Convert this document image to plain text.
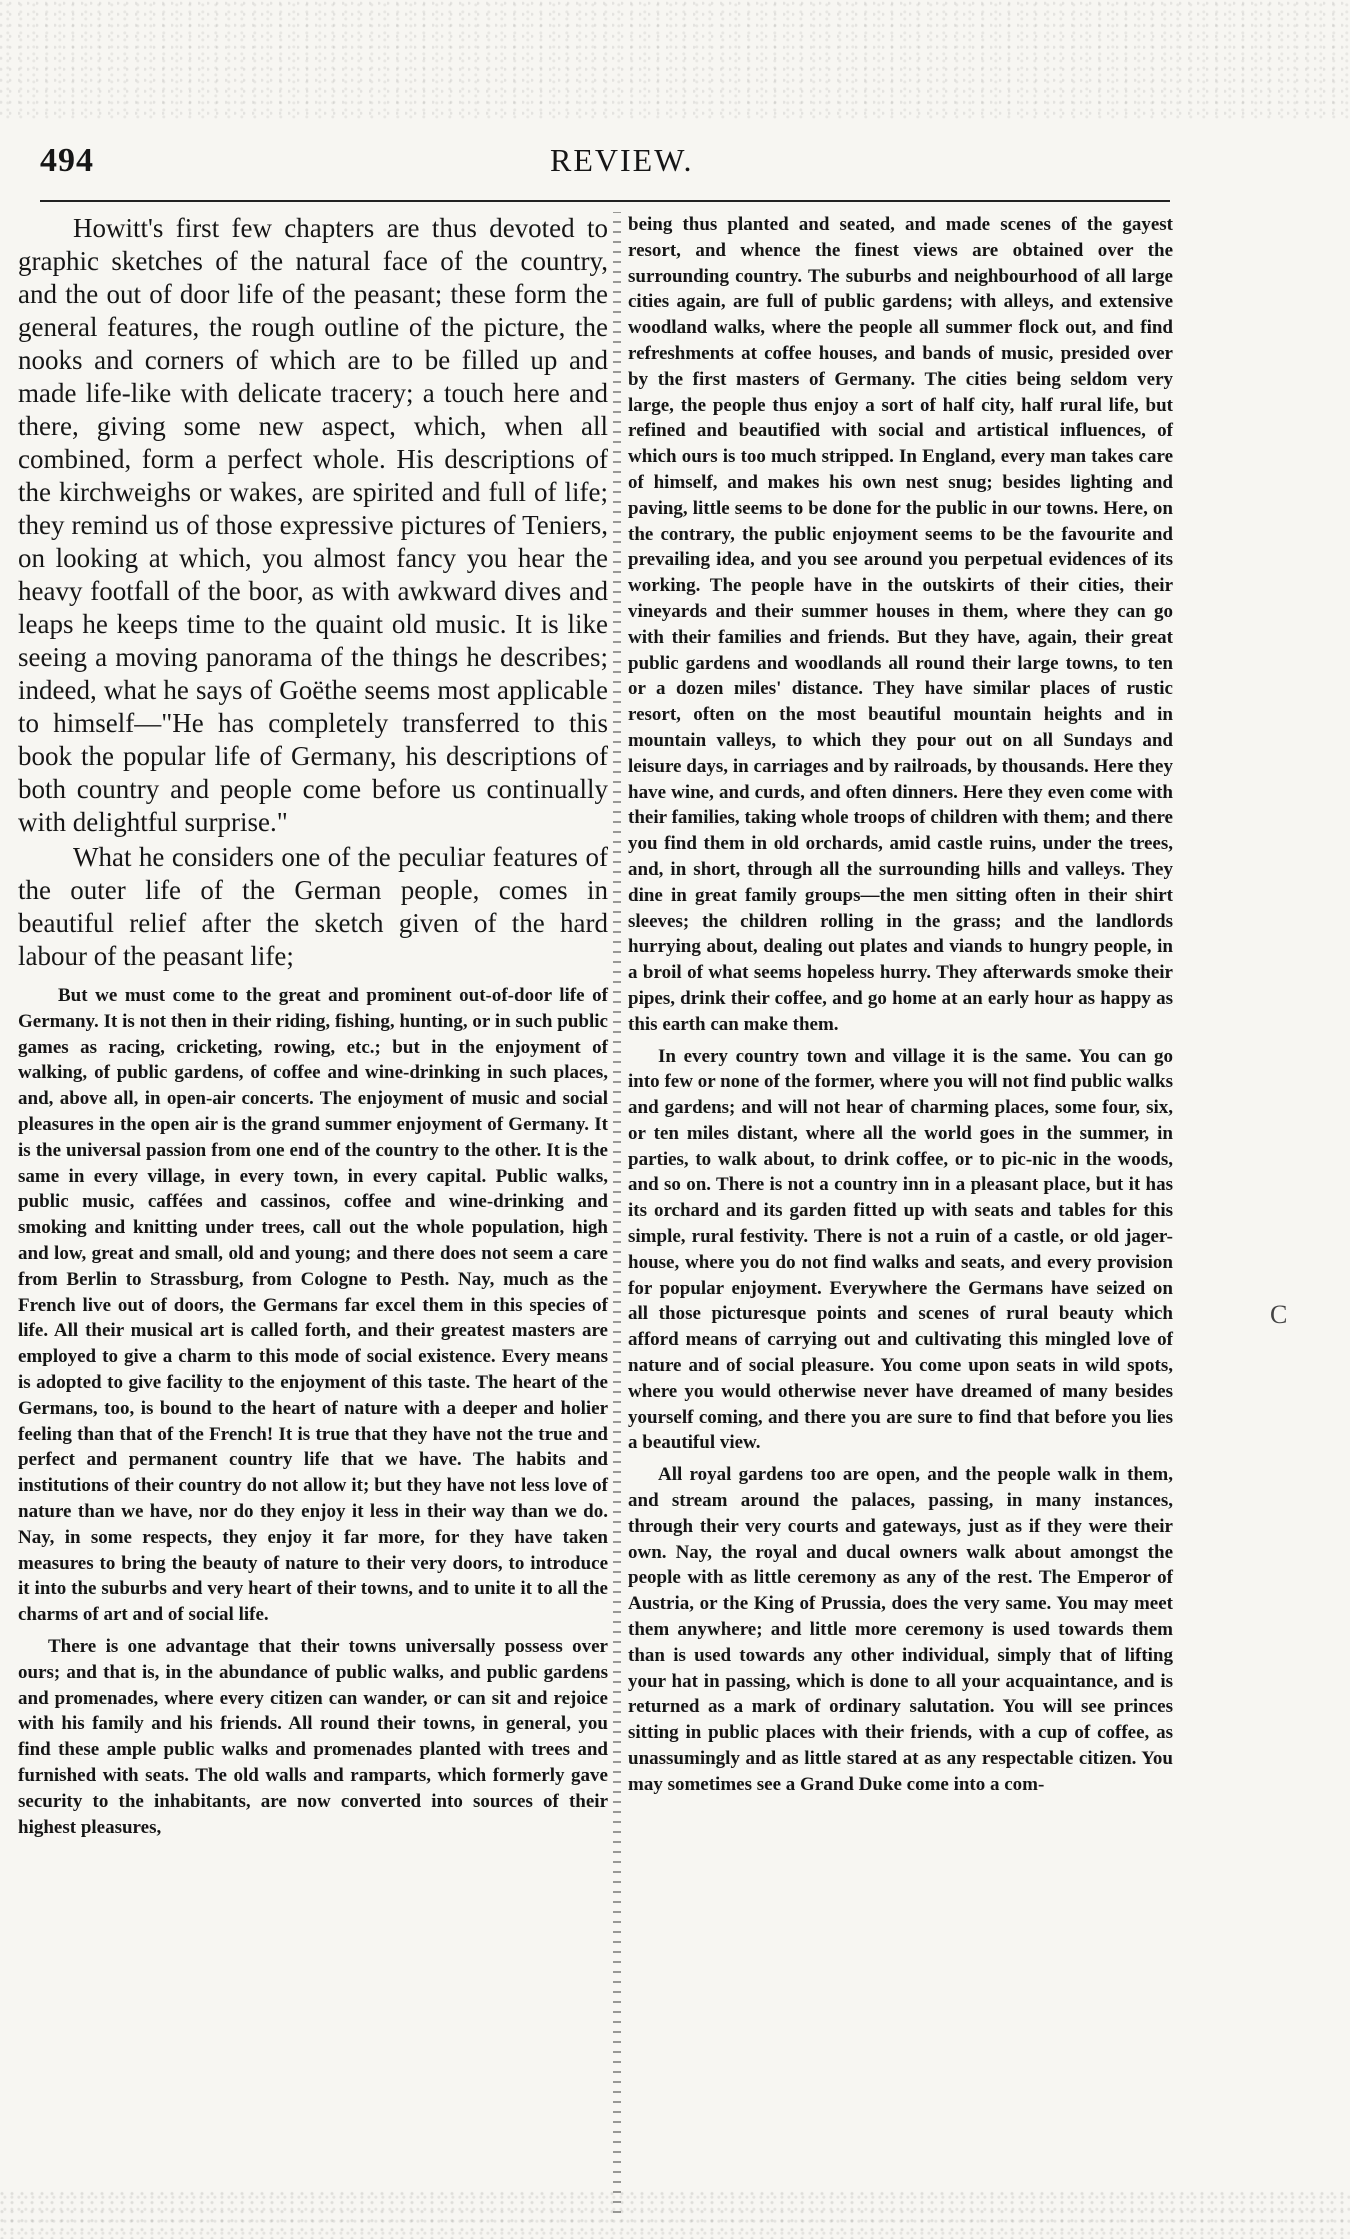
494	REVIEW.

Howitt's first few chapters are thus devoted to graphic sketches of the natural face of the country, and the out of door life of the peasant; these form the general features, the rough outline of the picture, the nooks and corners of which are to be filled up and made life-like with delicate tracery; a touch here and there, giving some new aspect, which, when all combined, form a perfect whole. His descriptions of the kirchweighs or wakes, are spirited and full of life; they remind us of those expressive pictures of Teniers, on looking at which, you almost fancy you hear the heavy footfall of the boor, as with awkward dives and leaps he keeps time to the quaint old music. It is like seeing a moving panorama of the things he describes; indeed, what he says of Goëthe seems most applicable to himself—"He has completely transferred to this book the popular life of Germany, his descriptions of both country and people come before us continually with delightful surprise."

What he considers one of the peculiar features of the outer life of the German people, comes in beautiful relief after the sketch given of the hard labour of the peasant life;

But we must come to the great and prominent out-of-door life of Germany. It is not then in their riding, fishing, hunting, or in such public games as racing, cricketing, rowing, etc.; but in the enjoyment of walking, of public gardens, of coffee and wine-drinking in such places, and, above all, in open-air concerts. The enjoyment of music and social pleasures in the open air is the grand summer enjoyment of Germany. It is the universal passion from one end of the country to the other. It is the same in every village, in every town, in every capital. Public walks, public music, caffées and cassinos, coffee and wine-drinking and smoking and knitting under trees, call out the whole population, high and low, great and small, old and young; and there does not seem a care from Berlin to Strassburg, from Cologne to Pesth. Nay, much as the French live out of doors, the Germans far excel them in this species of life. All their musical art is called forth, and their greatest masters are employed to give a charm to this mode of social existence. Every means is adopted to give facility to the enjoyment of this taste. The heart of the Germans, too, is bound to the heart of nature with a deeper and holier feeling than that of the French! It is true that they have not the true and perfect and permanent country life that we have. The habits and institutions of their country do not allow it; but they have not less love of nature than we have, nor do they enjoy it less in their way than we do. Nay, in some respects, they enjoy it far more, for they have taken measures to bring the beauty of nature to their very doors, to introduce it into the suburbs and very heart of their towns, and to unite it to all the charms of art and of social life.

There is one advantage that their towns universally possess over ours; and that is, in the abundance of public walks, and public gardens and promenades, where every citizen can wander, or can sit and rejoice with his family and his friends. All round their towns, in general, you find these ample public walks and promenades planted with trees and furnished with seats. The old walls and ramparts, which formerly gave security to the inhabitants, are now converted into sources of their highest pleasures,

being thus planted and seated, and made scenes of the gayest resort, and whence the finest views are obtained over the surrounding country. The suburbs and neighbourhood of all large cities again, are full of public gardens; with alleys, and extensive woodland walks, where the people all summer flock out, and find refreshments at coffee houses, and bands of music, presided over by the first masters of Germany. The cities being seldom very large, the people thus enjoy a sort of half city, half rural life, but refined and beautified with social and artistical influences, of which ours is too much stripped. In England, every man takes care of himself, and makes his own nest snug; besides lighting and paving, little seems to be done for the public in our towns. Here, on the contrary, the public enjoyment seems to be the favourite and prevailing idea, and you see around you perpetual evidences of its working. The people have in the outskirts of their cities, their vineyards and their summer houses in them, where they can go with their families and friends. But they have, again, their great public gardens and woodlands all round their large towns, to ten or a dozen miles' distance. They have similar places of rustic resort, often on the most beautiful mountain heights and in mountain valleys, to which they pour out on all Sundays and leisure days, in carriages and by railroads, by thousands. Here they have wine, and curds, and often dinners. Here they even come with their families, taking whole troops of children with them; and there you find them in old orchards, amid castle ruins, under the trees, and, in short, through all the surrounding hills and valleys. They dine in great family groups—the men sitting often in their shirt sleeves; the children rolling in the grass; and the landlords hurrying about, dealing out plates and viands to hungry people, in a broil of what seems hopeless hurry. They afterwards smoke their pipes, drink their coffee, and go home at an early hour as happy as this earth can make them.

In every country town and village it is the same. You can go into few or none of the former, where you will not find public walks and gardens; and will not hear of charming places, some four, six, or ten miles distant, where all the world goes in the summer, in parties, to walk about, to drink coffee, or to pic-nic in the woods, and so on. There is not a country inn in a pleasant place, but it has its orchard and its garden fitted up with seats and tables for this simple, rural festivity. There is not a ruin of a castle, or old jager-house, where you do not find walks and seats, and every provision for popular enjoyment. Everywhere the Germans have seized on all those picturesque points and scenes of rural beauty which afford means of carrying out and cultivating this mingled love of nature and of social pleasure. You come upon seats in wild spots, where you would otherwise never have dreamed of many besides yourself coming, and there you are sure to find that before you lies a beautiful view.

All royal gardens too are open, and the people walk in them, and stream around the palaces, passing, in many instances, through their very courts and gateways, just as if they were their own. Nay, the royal and ducal owners walk about amongst the people with as little ceremony as any of the rest. The Emperor of Austria, or the King of Prussia, does the very same. You may meet them anywhere; and little more ceremony is used towards them than is used towards any other individual, simply that of lifting your hat in passing, which is done to all your acquaintance, and is returned as a mark of ordinary salutation. You will see princes sitting in public places with their friends, with a cup of coffee, as unassumingly and as little stared at as any respectable citizen. You may sometimes see a Grand Duke come into a com-

C
